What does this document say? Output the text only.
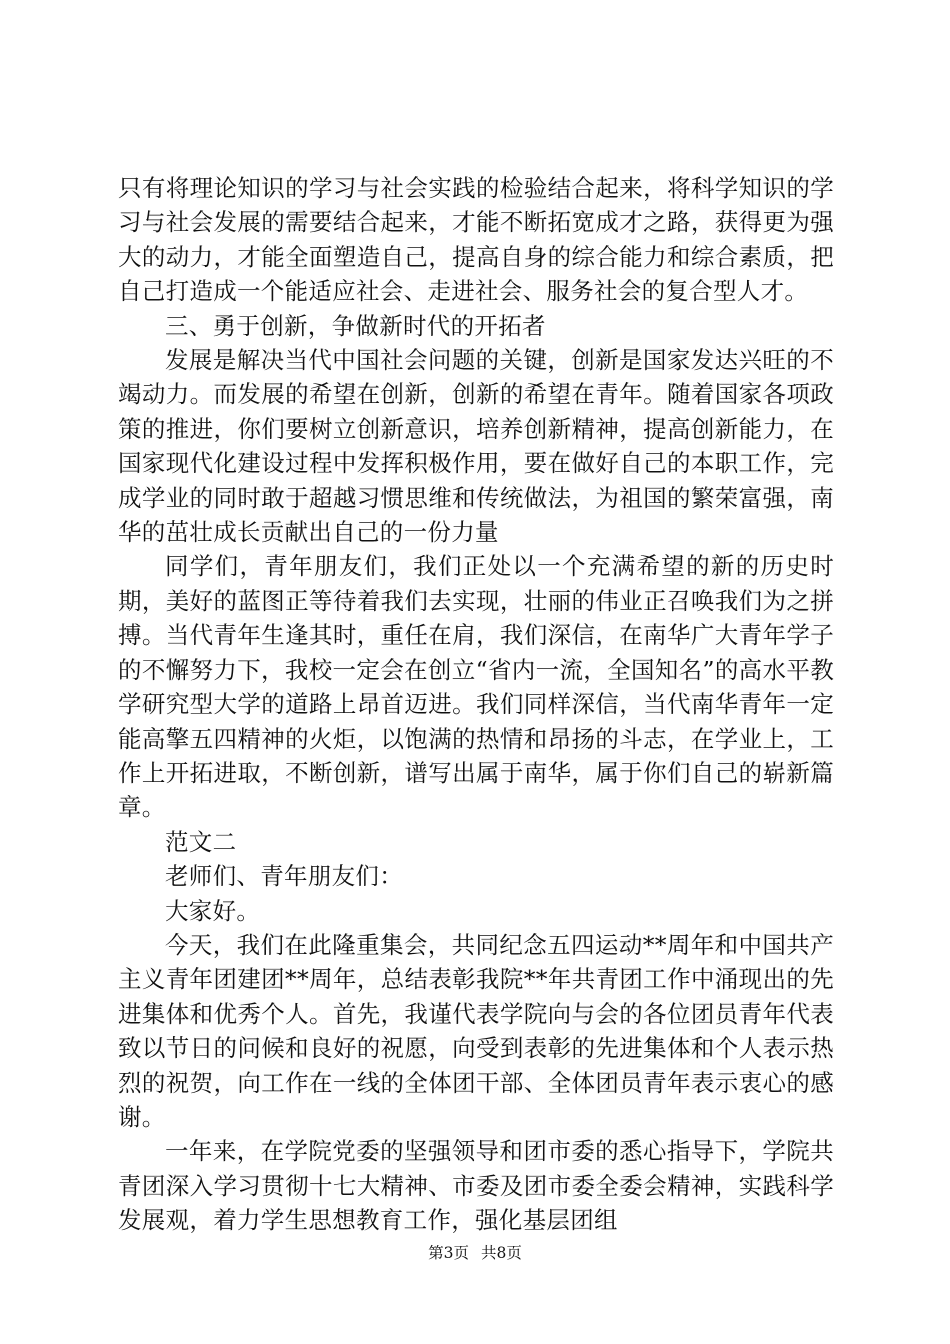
只有将理论知识的学习与社会实践的检验结合起来，将科学知识的学习与社会发展的需要结合起来，才能不断拓宽成才之路，获得更为强大的动力，才能全面塑造自己，提高自身的综合能力和综合素质，把自己打造成一个能适应社会、走进社会、服务社会的复合型人才。

三、勇于创新，争做新时代的开拓者

发展是解决当代中国社会问题的关键，创新是国家发达兴旺的不竭动力。而发展的希望在创新，创新的希望在青年。随着国家各项政策的推进，你们要树立创新意识，培养创新精神，提高创新能力，在国家现代化建设过程中发挥积极作用，要在做好自己的本职工作，完成学业的同时敢于超越习惯思维和传统做法，为祖国的繁荣富强，南华的茁壮成长贡献出自己的一份力量

同学们，青年朋友们，我们正处以一个充满希望的新的历史时期，美好的蓝图正等待着我们去实现，壮丽的伟业正召唤我们为之拼搏。当代青年生逢其时，重任在肩，我们深信，在南华广大青年学子的不懈努力下，我校一定会在创立“省内一流，全国知名”的高水平教学研究型大学的道路上昂首迈进。我们同样深信，当代南华青年一定能高擎五四精神的火炬，以饱满的热情和昂扬的斗志，在学业上，工作上开拓进取，不断创新，谱写出属于南华，属于你们自己的崭新篇章。

范文二

老师们、青年朋友们：

大家好。

今天，我们在此隆重集会，共同纪念五四运动**周年和中国共产主义青年团建团**周年，总结表彰我院**年共青团工作中涌现出的先进集体和优秀个人。首先，我谨代表学院向与会的各位团员青年代表致以节日的问候和良好的祝愿，向受到表彰的先进集体和个人表示热烈的祝贺，向工作在一线的全体团干部、全体团员青年表示衷心的感谢。

一年来，在学院党委的坚强领导和团市委的悉心指导下，学院共青团深入学习贯彻十七大精神、市委及团市委全委会精神，实践科学发展观，着力学生思想教育工作，强化基层团组

第3页 共8页
